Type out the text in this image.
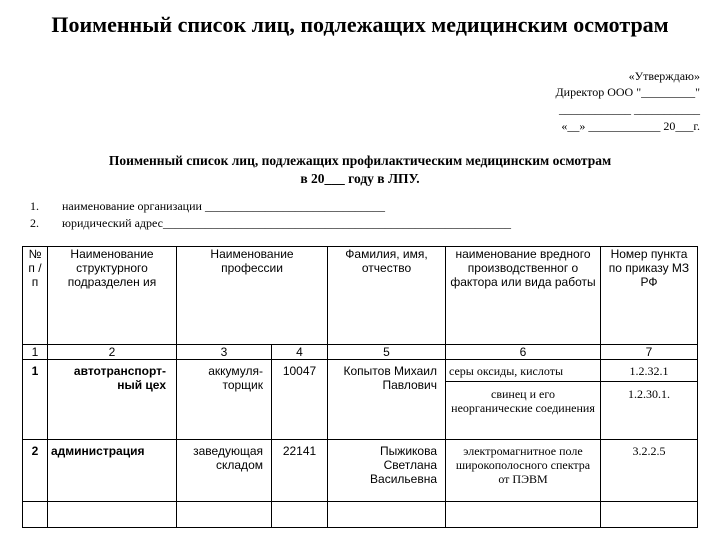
Поименный список лиц, подлежащих медицинским осмотрам
«Утверждаю»
Директор ООО "_________"
____________ ___________
«__» ____________ 20___г.
Поименный список лиц, подлежащих профилактическим медицинским осмотрам
в 20___ году в ЛПУ.
1. наименование организации ______________________________
2. юридический адрес__________________________________________________________
№ п /п	Наименование структурного подразделен ия	Наименование профессии		Фамилия, имя, отчество	наименование вредного производственног о фактора или вида работы	Номер пункта по приказу МЗ РФ
1	2	3	4	5	6	7
1	автотранспорт-ный цех	аккумуля-торщик	10047	Копытов Михаил Павлович	серы оксиды, кислоты	1.2.32.1
					свинец и его неорганические соединения	1.2.30.1.
2	администрация	заведующая складом	22141	Пыжикова Светлана Васильевна	электромагнитное поле широкополосного спектра от ПЭВМ	3.2.2.5
